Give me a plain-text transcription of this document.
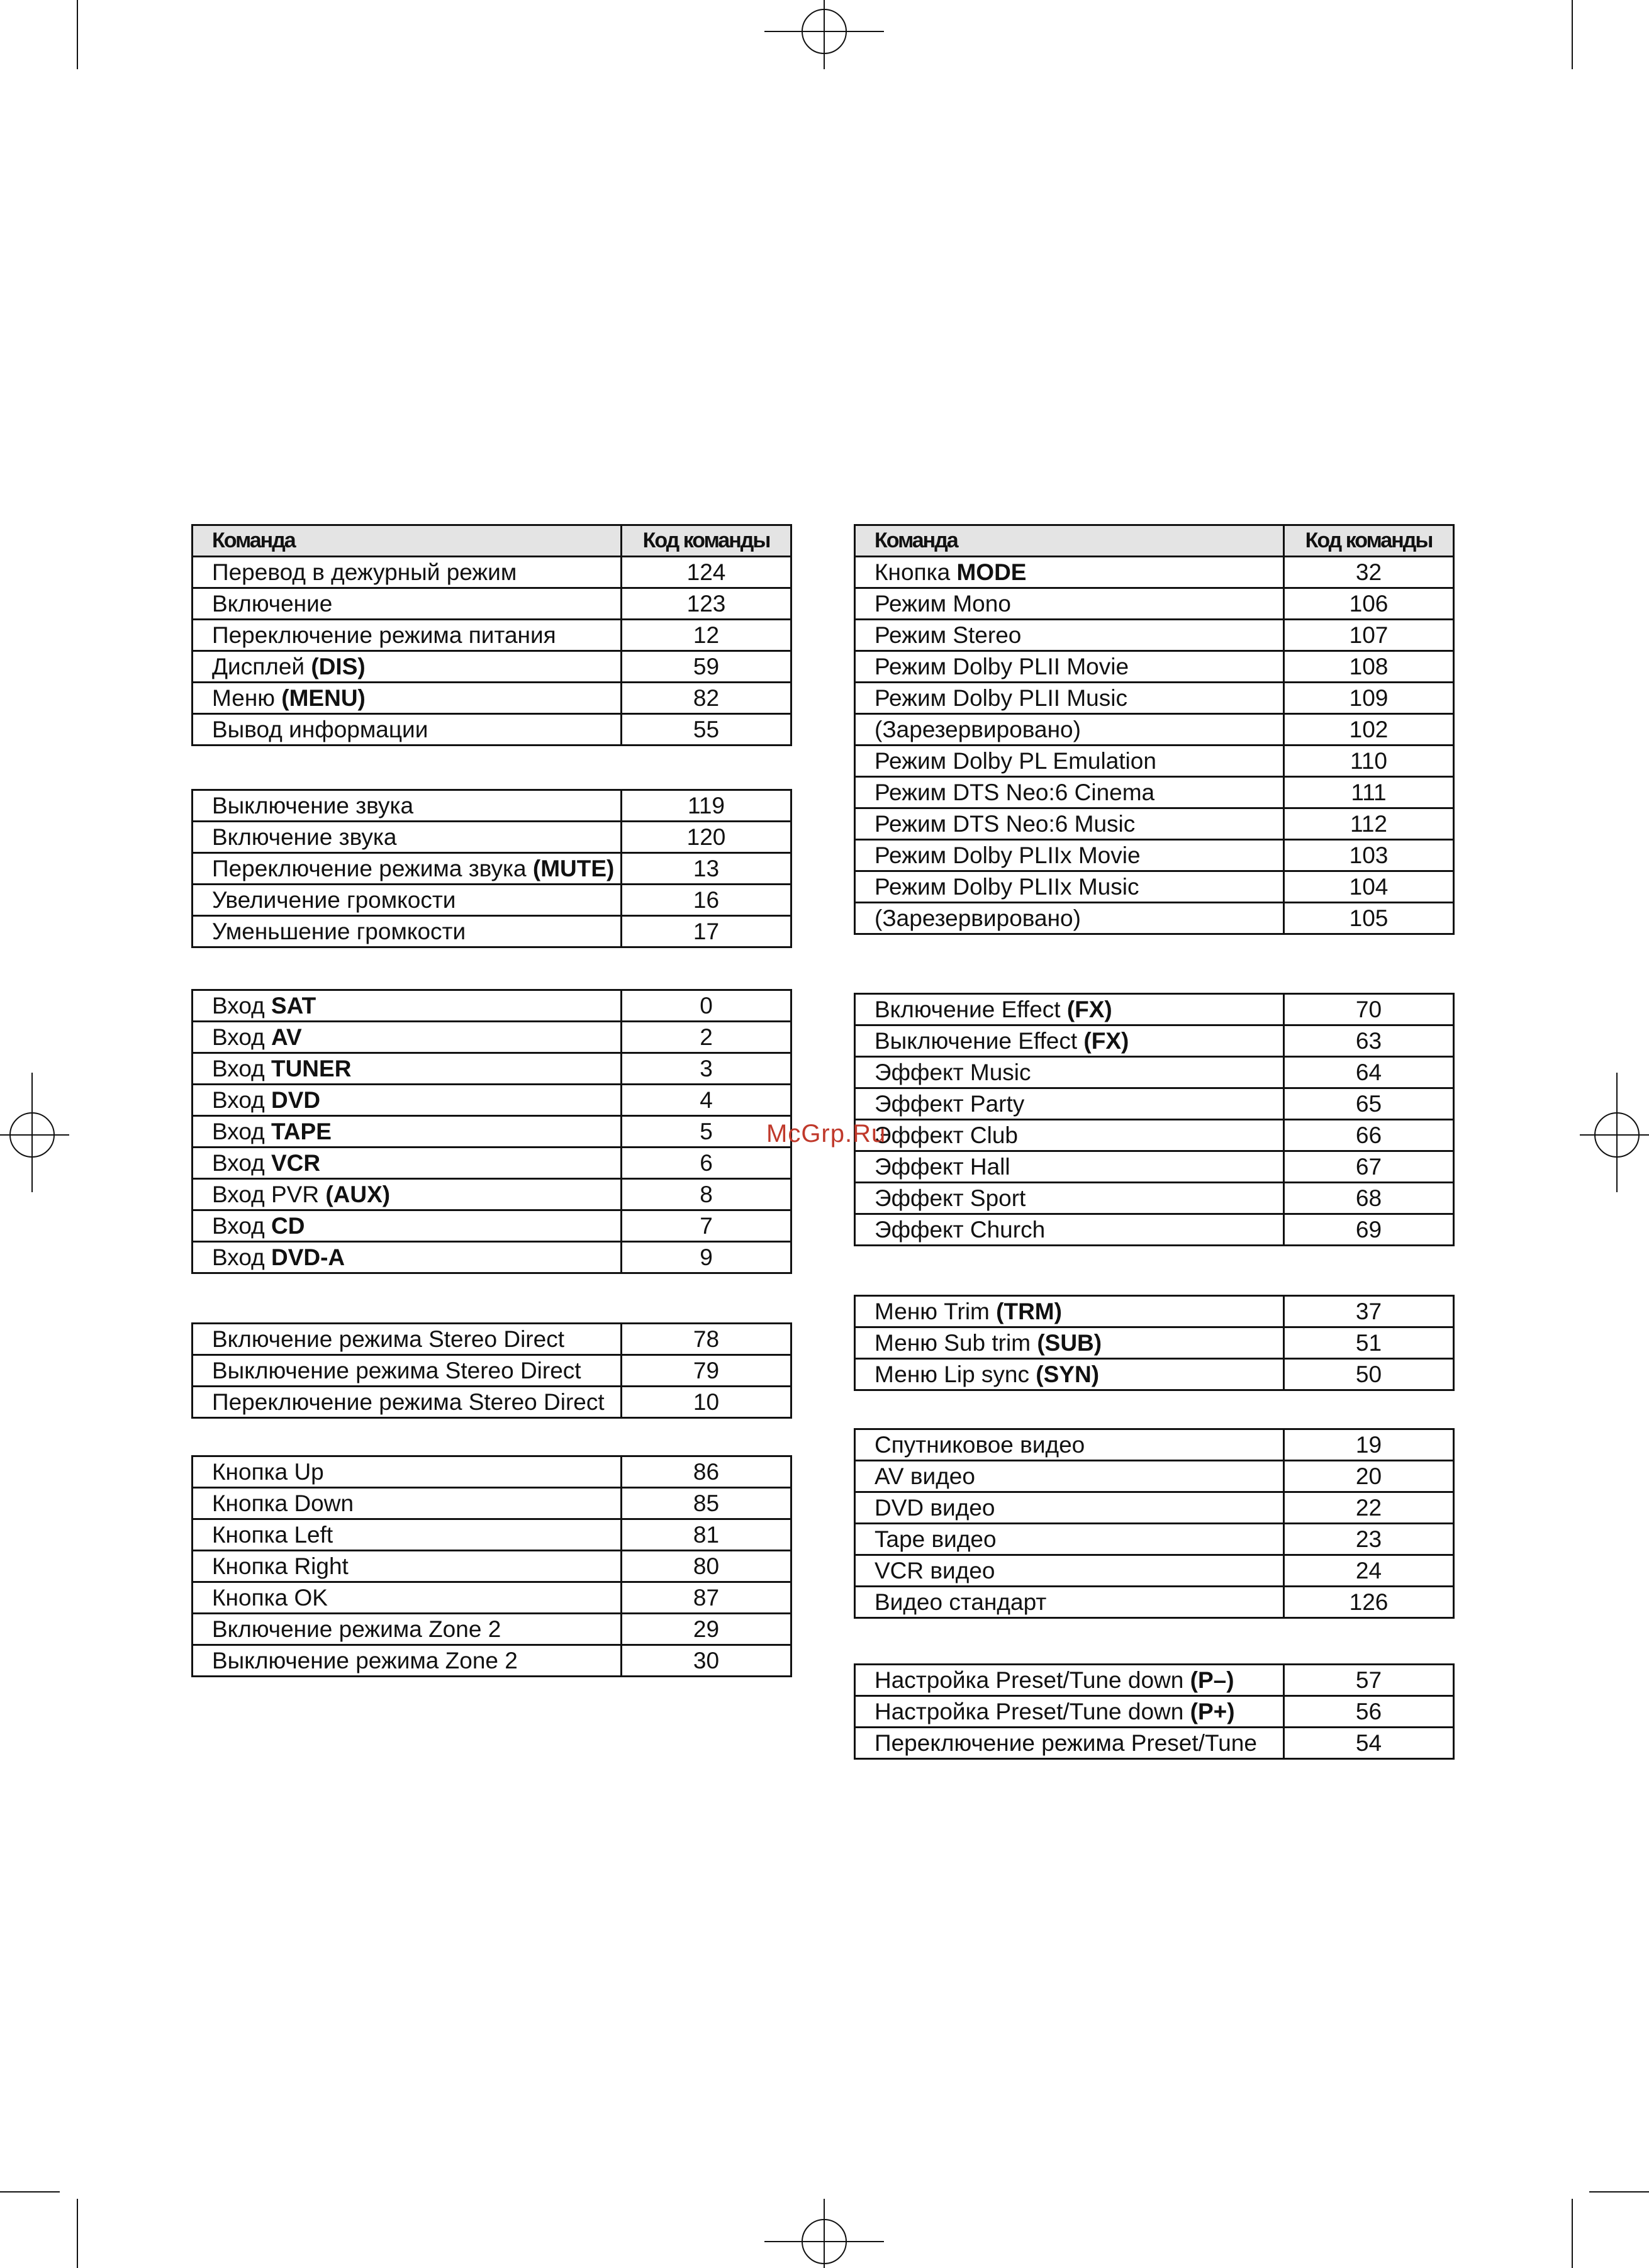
Команда	Код команды
Перевод в дежурный режим	124
Включение	123
Переключение режима питания	12
Дисплей (DIS)	59
Меню (MENU)	82
Вывод информации	55
Выключение звука	119
Включение звука	120
Переключение режима звука (MUTE)	13
Увеличение громкости	16
Уменьшение громкости	17
Вход SAT	0
Вход AV	2
Вход TUNER	3
Вход DVD	4
Вход TAPE	5
Вход VCR	6
Вход PVR (AUX)	8
Вход CD	7
Вход DVD-A	9
Включение режима Stereo Direct	78
Выключение режима Stereo Direct	79
Переключение режима Stereo Direct	10
Кнопка Up	86
Кнопка Down	85
Кнопка Left	81
Кнопка Right	80
Кнопка OK	87
Включение режима Zone 2	29
Выключение режима Zone 2	30
Команда	Код команды
Кнопка MODE	32
Режим Mono	106
Режим Stereo	107
Режим Dolby PLII Movie	108
Режим Dolby PLII Music	109
(Зарезервировано)	102
Режим Dolby PL Emulation	110
Режим DTS Neo:6 Cinema	111
Режим DTS Neo:6 Music	112
Режим Dolby PLIIx Movie	103
Режим Dolby PLIIx Music	104
(Зарезервировано)	105
Включение Effect (FX)	70
Выключение Effect (FX)	63
Эффект Music	64
Эффект Party	65
Эффект Club	66
Эффект Hall	67
Эффект Sport	68
Эффект Church	69
Меню Trim (TRM)	37
Меню Sub trim (SUB)	51
Меню Lip sync (SYN)	50
Спутниковое видео	19
AV видео	20
DVD видео	22
Tape видео	23
VCR видео	24
Видео стандарт	126
Настройка Preset/Tune down (P–)	57
Настройка Preset/Tune down (P+)	56
Переключение режима Preset/Tune	54
McGrp.Ru
